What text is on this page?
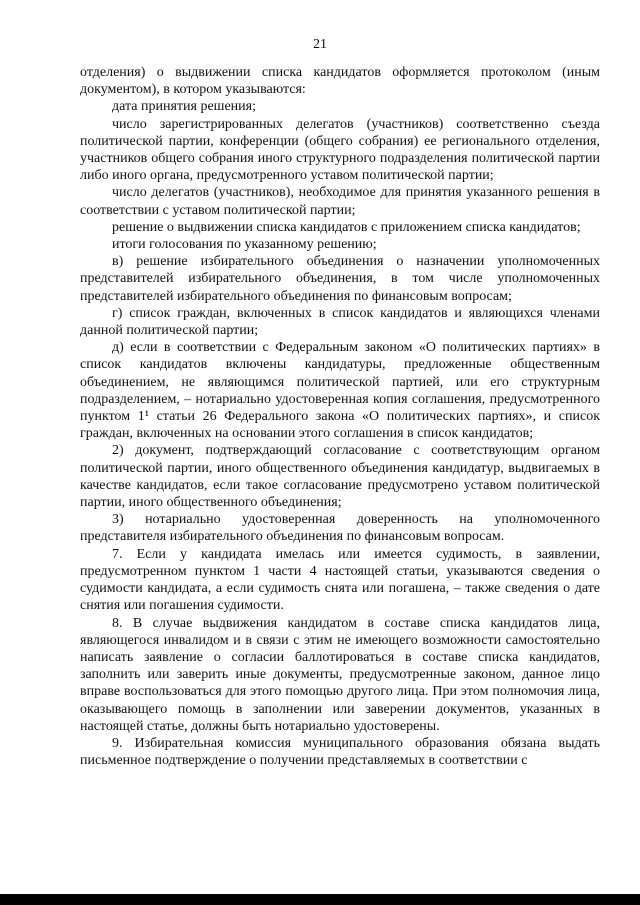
21

отделения) о выдвижении списка кандидатов оформляется протоколом (иным документом), в котором указываются:

дата принятия решения;

число зарегистрированных делегатов (участников) соответственно съезда политической партии, конференции (общего собрания) ее регионального отделения, участников общего собрания иного структурного подразделения политической партии либо иного органа, предусмотренного уставом политической партии;

число делегатов (участников), необходимое для принятия указанного решения в соответствии с уставом политической партии;

решение о выдвижении списка кандидатов с приложением списка кандидатов;

итоги голосования по указанному решению;

в) решение избирательного объединения о назначении уполномоченных представителей избирательного объединения, в том числе уполномоченных представителей избирательного объединения по финансовым вопросам;

г) список граждан, включенных в список кандидатов и являющихся членами данной политической партии;

д) если в соответствии с Федеральным законом «О политических партиях» в список кандидатов включены кандидатуры, предложенные общественным объединением, не являющимся политической партией, или его структурным подразделением, – нотариально удостоверенная копия соглашения, предусмотренного пунктом 1¹ статьи 26 Федерального закона «О политических партиях», и список граждан, включенных на основании этого соглашения в список кандидатов;

2) документ, подтверждающий согласование с соответствующим органом политической партии, иного общественного объединения кандидатур, выдвигаемых в качестве кандидатов, если такое согласование предусмотрено уставом политической партии, иного общественного объединения;

3) нотариально удостоверенная доверенность на уполномоченного представителя избирательного объединения по финансовым вопросам.

7. Если у кандидата имелась или имеется судимость, в заявлении, предусмотренном пунктом 1 части 4 настоящей статьи, указываются сведения о судимости кандидата, а если судимость снята или погашена, – также сведения о дате снятия или погашения судимости.

8. В случае выдвижения кандидатом в составе списка кандидатов лица, являющегося инвалидом и в связи с этим не имеющего возможности самостоятельно написать заявление о согласии баллотироваться в составе списка кандидатов, заполнить или заверить иные документы, предусмотренные законом, данное лицо вправе воспользоваться для этого помощью другого лица. При этом полномочия лица, оказывающего помощь в заполнении или заверении документов, указанных в настоящей статье, должны быть нотариально удостоверены.

9. Избирательная комиссия муниципального образования обязана выдать письменное подтверждение о получении представляемых в соответствии с
